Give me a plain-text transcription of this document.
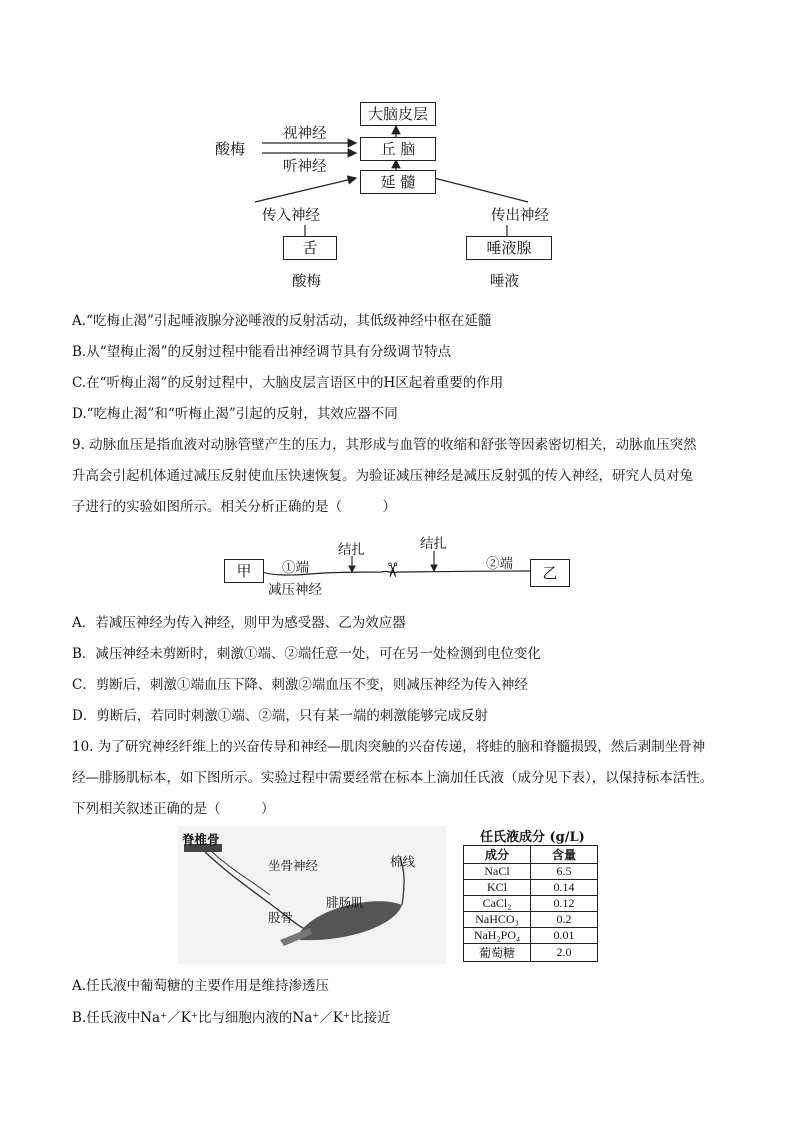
大脑皮层
丘 脑
延 髓
舌	唾液腺
酸梅
视神经
听神经
传入神经	传出神经
酸梅	唾液
A.“吃梅止渴”引起唾液腺分泌唾液的反射活动，其低级神经中枢在延髓
B.从“望梅止渴”的反射过程中能看出神经调节具有分级调节特点
C.在“听梅止渴”的反射过程中，大脑皮层言语区中的H区起着重要的作用
D.“吃梅止渴”和“听梅止渴”引起的反射，其效应器不同
9. 动脉血压是指血液对动脉管壁产生的压力，其形成与血管的收缩和舒张等因素密切相关，动脉血压突然
升高会引起机体通过减压反射使血压快速恢复。为验证减压神经是减压反射弧的传入神经，研究人员对兔
子进行的实验如图所示。相关分析正确的是（　　　）
✂
甲	乙
①端	②端
结扎	结扎
减压神经
A．若减压神经为传入神经，则甲为感受器、乙为效应器
B．减压神经未剪断时，刺激①端、②端任意一处，可在另一处检测到电位变化
C．剪断后，刺激①端血压下降、刺激②端血压不变，则减压神经为传入神经
D．剪断后，若同时刺激①端、②端，只有某一端的刺激能够完成反射
10. 为了研究神经纤维上的兴奋传导和神经—肌肉突触的兴奋传递，将蛙的脑和脊髓损毁，然后剥制坐骨神
经—腓肠肌标本，如下图所示。实验过程中需要经常在标本上滴加任氏液（成分见下表），以保持标本活性。
下列相关叙述正确的是（　　　）
脊椎骨
坐骨神经	棉线
腓肠肌
股骨
任氏液成分 (g/L)
成分	含量
NaCl	6.5
KCl	0.14
CaCl₂	0.12
NaHCO₃	0.2
NaH₂PO₄	0.01
葡萄糖	2.0
A.任氏液中葡萄糖的主要作用是维持渗透压
B.任氏液中Na⁺／K⁺比与细胞内液的Na⁺／K⁺比接近
